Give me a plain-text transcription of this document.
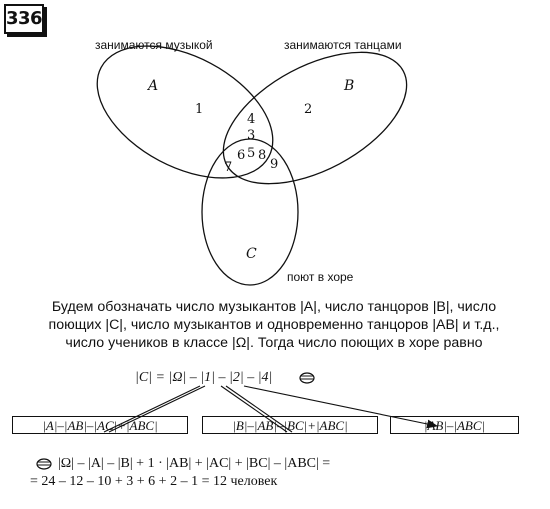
336
занимаются музыкой	занимаются танцами
поют в хоре
A	B
C
1	2
3
4
5
6
7
8
9
Будем обозначать число музыкантов |A|, число танцоров |B|, число поющих |C|, число музыкантов и одновременно танцоров |AB| и т.д., число учеников в классе |Ω|. Тогда число поющих в хоре равно
|C| = |Ω| – |1| – |2| – |4|
|A|–|AB|–|AC|+|ABC|	|B|–|AB|–|BC|+|ABC|	|AB|–|ABC|
|Ω| – |A| – |B| + 1 · |AB| + |AC| + |BC| – |ABC| =
= 24 – 12 – 10 + 3 + 6 + 2 – 1 = 12 человек
